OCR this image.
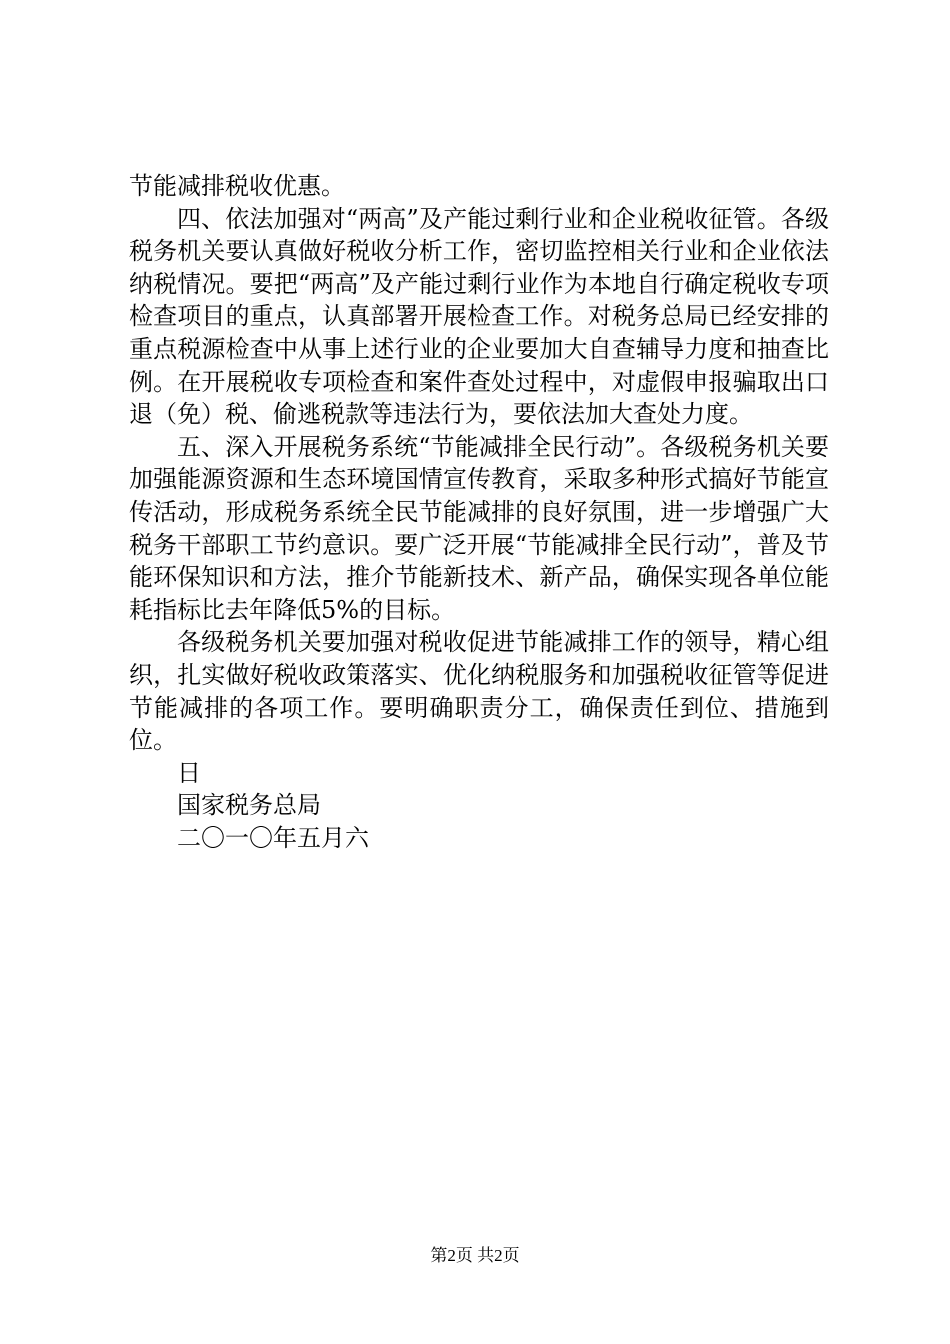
节能减排税收优惠。

四、依法加强对“两高”及产能过剩行业和企业税收征管。各级税务机关要认真做好税收分析工作，密切监控相关行业和企业依法纳税情况。要把“两高”及产能过剩行业作为本地自行确定税收专项检查项目的重点，认真部署开展检查工作。对税务总局已经安排的重点税源检查中从事上述行业的企业要加大自查辅导力度和抽查比例。在开展税收专项检查和案件查处过程中，对虚假申报骗取出口退（免）税、偷逃税款等违法行为，要依法加大查处力度。

五、深入开展税务系统“节能减排全民行动”。各级税务机关要加强能源资源和生态环境国情宣传教育，采取多种形式搞好节能宣传活动，形成税务系统全民节能减排的良好氛围，进一步增强广大税务干部职工节约意识。要广泛开展“节能减排全民行动”，普及节能环保知识和方法，推介节能新技术、新产品，确保实现各单位能耗指标比去年降低5%的目标。

各级税务机关要加强对税收促进节能减排工作的领导，精心组织，扎实做好税收政策落实、优化纳税服务和加强税收征管等促进节能减排的各项工作。要明确职责分工，确保责任到位、措施到位。

日

国家税务总局

二〇一〇年五月六

第2页 共2页
